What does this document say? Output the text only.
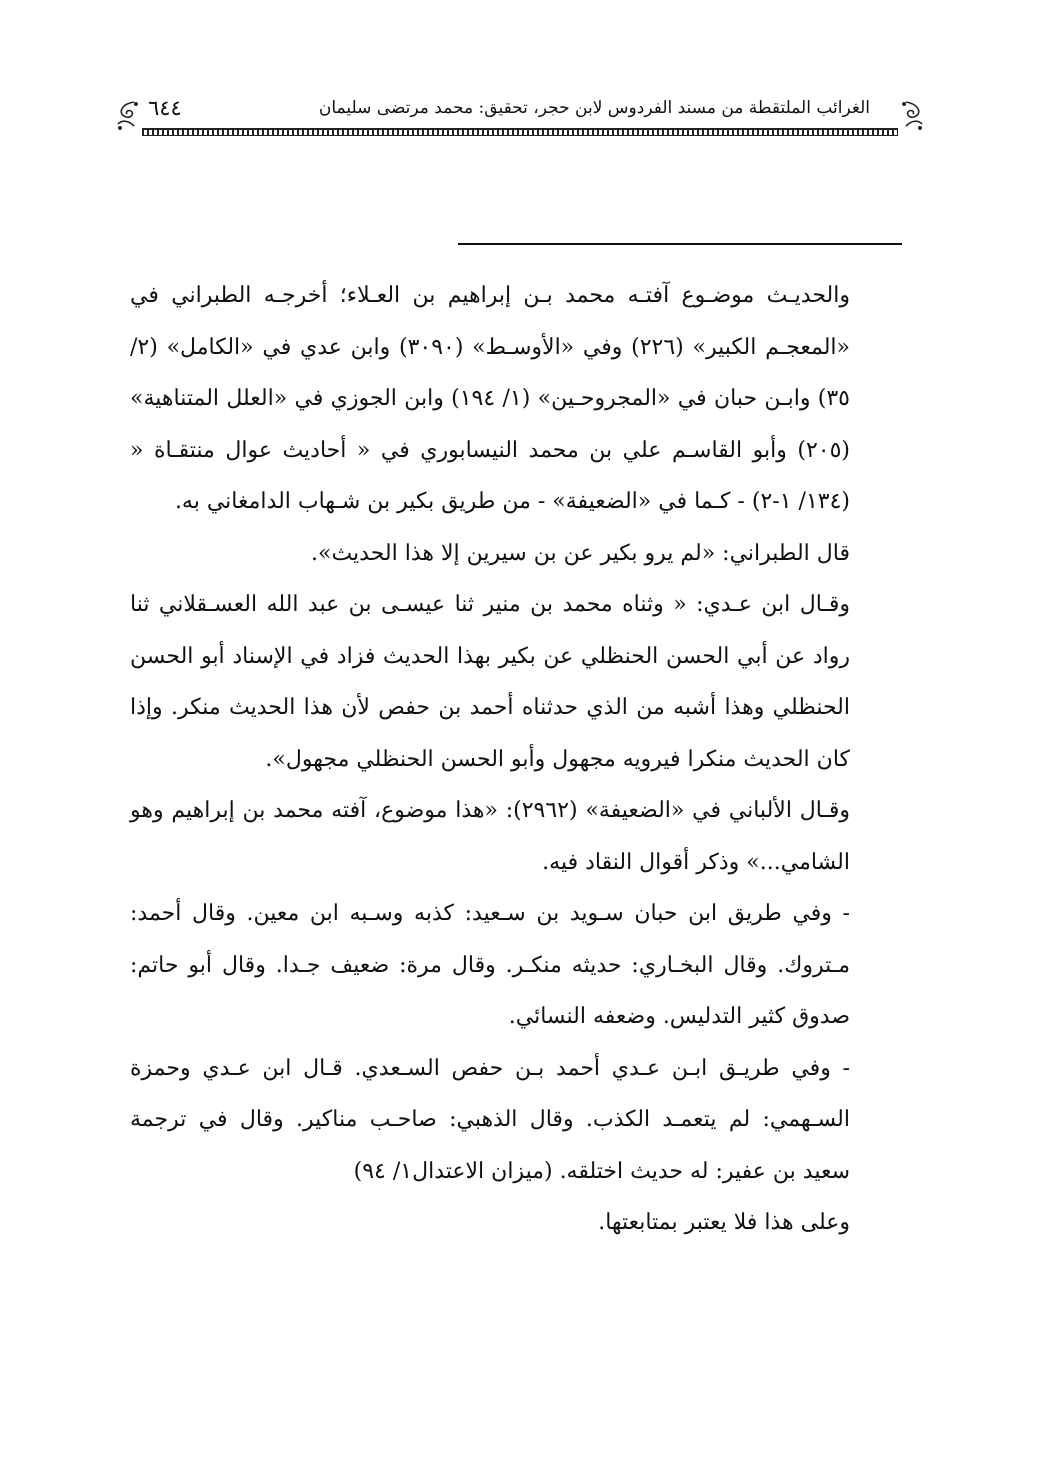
٦٤٤	الغرائب الملتقطة من مسند الفردوس لابن حجر، تحقيق: محمد مرتضى سليمان

والحديـث موضـوع آفتـه محمد بـن إبراهيم بن العـلاء؛ أخرجـه الطبراني في «المعجـم الكبير» (٢٢٦) وفي «الأوسـط» (٣٠٩٠) وابن عدي في «الكامل» (٢/ ٣٥) وابـن حبان في «المجروحـين» (١/ ١٩٤) وابن الجوزي في «العلل المتناهية» (٢٠٥) وأبو القاسـم علي بن محمد النيسابوري في « أحاديث عوال منتقـاة « (١٣٤/ ١-٢) - كـما في «الضعيفة» - من طريق بكير بن شـهاب الدامغاني به.

قال الطبراني: «لم يرو بكير عن بن سيرين إلا هذا الحديث».

وقـال ابن عـدي: « وثناه محمد بن منير ثنا عيسـى بن عبد الله العسـقلاني ثنا رواد عن أبي الحسن الحنظلي عن بكير بهذا الحديث فزاد في الإسناد أبو الحسن الحنظلي وهذا أشبه من الذي حدثناه أحمد بن حفص لأن هذا الحديث منكر. وإذا كان الحديث منكرا فيرويه مجهول وأبو الحسن الحنظلي مجهول».

وقـال الألباني في «الضعيفة» (٢٩٦٢): «هذا موضوع، آفته محمد بن إبراهيم وهو الشامي...» وذكر أقوال النقاد فيه.

- وفي طريق ابن حبان سـويد بن سـعيد: كذبه وسـبه ابن معين. وقال أحمد: مـتروك. وقال البخـاري: حديثه منكـر. وقال مرة: ضعيف جـدا. وقال أبو حاتم: صدوق كثير التدليس. وضعفه النسائي.

- وفي طريـق ابـن عـدي أحمد بـن حفص السـعدي. قـال ابن عـدي وحمزة السـهمي: لم يتعمـد الكذب. وقال الذهبي: صاحـب مناكير. وقال في ترجمة سعيد بن عفير: له حديث اختلقه. (ميزان الاعتدال١/ ٩٤)

وعلى هذا فلا يعتبر بمتابعتها.
